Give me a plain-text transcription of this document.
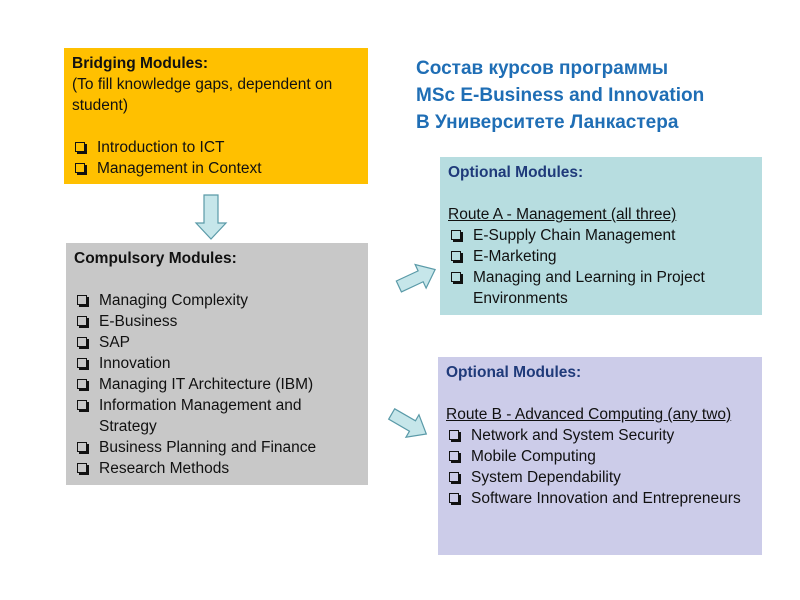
Состав курсов программы
MSc E-Business and Innovation
В Университете Ланкастера
Bridging Modules:
(To fill knowledge gaps, dependent on student)
Introduction to ICT
Management in Context
Compulsory Modules:
Managing Complexity
E-Business
SAP
Innovation
Managing IT Architecture (IBM)
Information Management and Strategy
Business Planning and Finance
Research Methods
Optional Modules:
Route A - Management (all three)
E-Supply Chain Management
E-Marketing
Managing and Learning in Project Environments
Optional Modules:
Route B - Advanced Computing (any two)
Network and System Security
Mobile Computing
System Dependability
Software Innovation and Entrepreneurs
